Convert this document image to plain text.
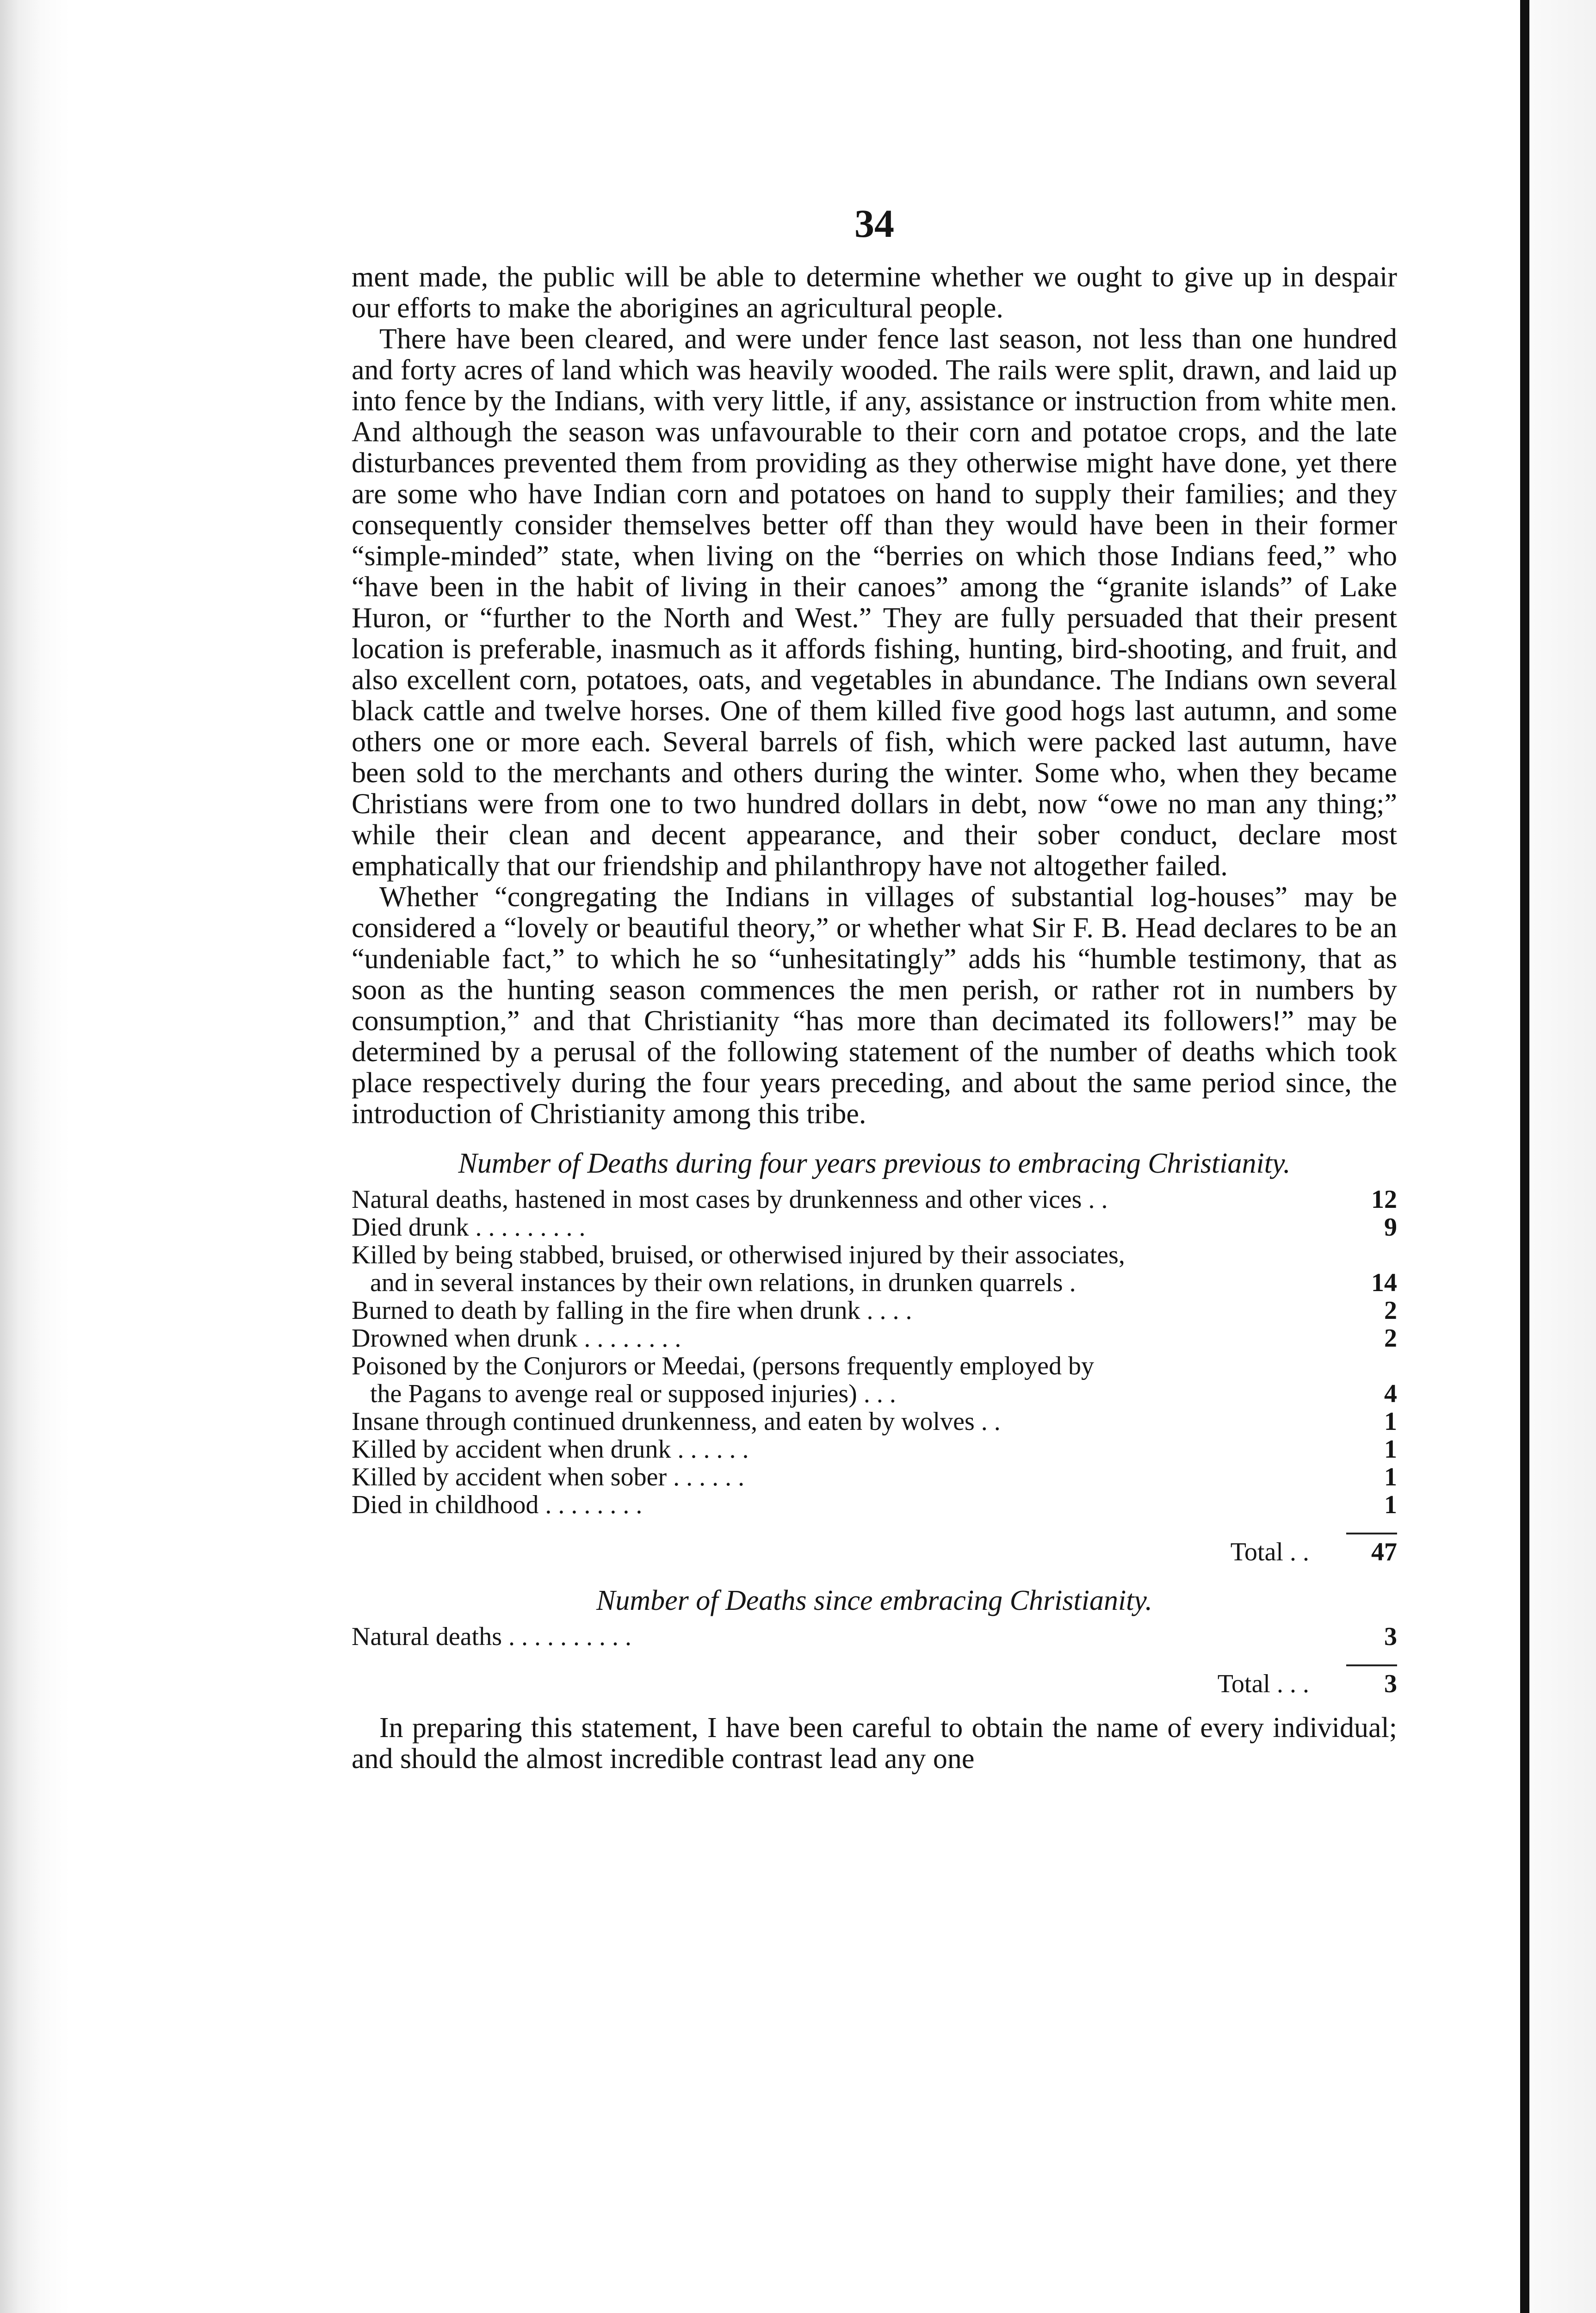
34

ment made, the public will be able to determine whether we ought to give up in despair our efforts to make the aborigines an agricultural people.

There have been cleared, and were under fence last season, not less than one hundred and forty acres of land which was heavily wooded. The rails were split, drawn, and laid up into fence by the Indians, with very little, if any, assistance or instruction from white men. And although the season was unfavourable to their corn and potatoe crops, and the late disturbances prevented them from providing as they otherwise might have done, yet there are some who have Indian corn and potatoes on hand to supply their families; and they consequently consider themselves better off than they would have been in their former “simple-minded” state, when living on the “berries on which those Indians feed,” who “have been in the habit of living in their canoes” among the “granite islands” of Lake Huron, or “further to the North and West.” They are fully persuaded that their present location is preferable, inasmuch as it affords fishing, hunting, bird-shooting, and fruit, and also excellent corn, potatoes, oats, and vegetables in abundance. The Indians own several black cattle and twelve horses. One of them killed five good hogs last autumn, and some others one or more each. Several barrels of fish, which were packed last autumn, have been sold to the merchants and others during the winter. Some who, when they became Christians were from one to two hundred dollars in debt, now “owe no man any thing;” while their clean and decent appearance, and their sober conduct, declare most emphatically that our friendship and philanthropy have not altogether failed.

Whether “congregating the Indians in villages of substantial log-houses” may be considered a “lovely or beautiful theory,” or whether what Sir F. B. Head declares to be an “undeniable fact,” to which he so “unhesitatingly” adds his “humble testimony, that as soon as the hunting season commences the men perish, or rather rot in numbers by consumption,” and that Christianity “has more than decimated its followers!” may be determined by a perusal of the following statement of the number of deaths which took place respectively during the four years preceding, and about the same period since, the introduction of Christianity among this tribe.

Number of Deaths during four years previous to embracing Christianity.
Natural deaths, hastened in most cases by drunkenness and other vices . .	12
Died drunk . . . . . . . . .	9
Killed by being stabbed, bruised, or otherwised injured by their associates,	
and in several instances by their own relations, in drunken quarrels .	14
Burned to death by falling in the fire when drunk . . . .	2
Drowned when drunk . . . . . . . .	2
Poisoned by the Conjurors or Meedai, (persons frequently employed by	
the Pagans to avenge real or supposed injuries) . . .	4
Insane through continued drunkenness, and eaten by wolves . .	1
Killed by accident when drunk . . . . . .	1
Killed by accident when sober . . . . . .	1
Died in childhood . . . . . . . .	1
Total . .	47
Number of Deaths since embracing Christianity.
Natural deaths . . . . . . . . . .	3
Total . . .	3

In preparing this statement, I have been careful to obtain the name of every individual; and should the almost incredible contrast lead any one
